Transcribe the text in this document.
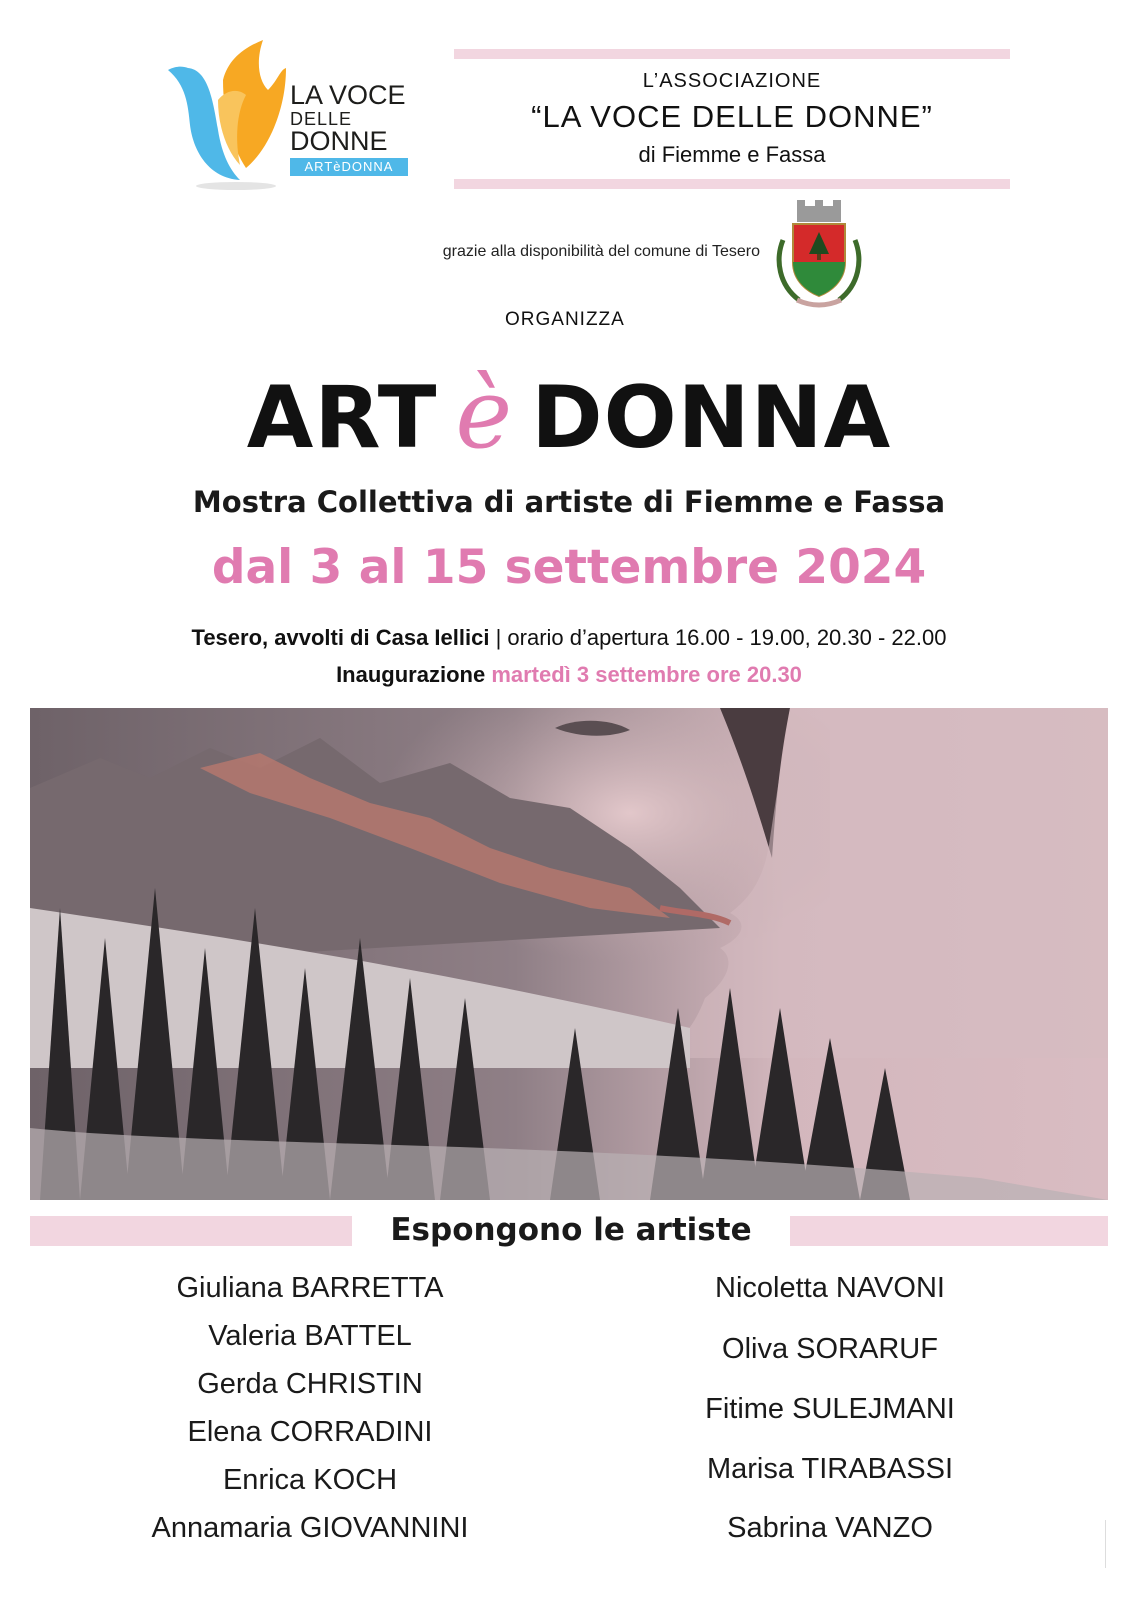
LA VOCE
DELLE
DONNE
ARTèDONNA
L’ASSOCIAZIONE
“LA VOCE DELLE DONNE”
di Fiemme e Fassa
grazie alla disponibilità del comune di Tesero
ORGANIZZA
ART è DONNA
Mostra Collettiva di artiste di Fiemme e Fassa
dal 3 al 15 settembre 2024
Tesero, avvolti di Casa Iellici | orario d’apertura 16.00 - 19.00, 20.30 - 22.00
Inaugurazione martedì 3 settembre ore 20.30
Espongono le artiste
Giuliana BARRETTA
Valeria BATTEL
Gerda CHRISTIN
Elena CORRADINI
Enrica KOCH
Annamaria GIOVANNINI
Nicoletta NAVONI
Oliva SORARUF
Fitime SULEJMANI
Marisa TIRABASSI
Sabrina VANZO
